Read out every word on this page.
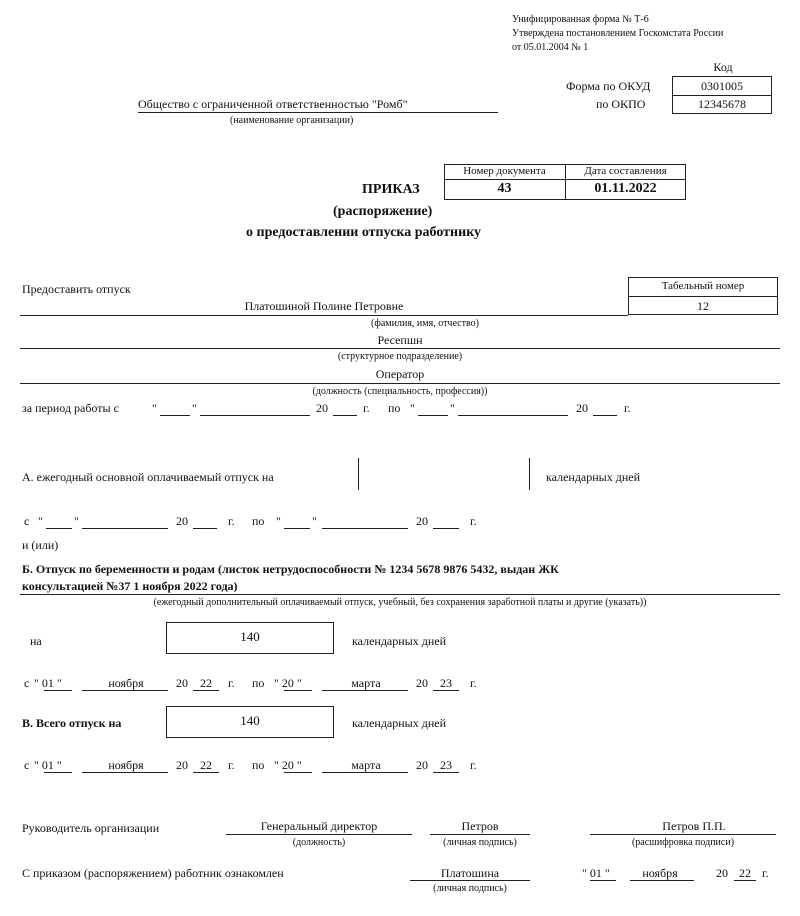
Унифицированная форма № Т-6
Утверждена постановлением Госкомстата России
от 05.01.2004 № 1
Код
Форма по ОКУД	0301005
по ОКПО	12345678
Общество с ограниченной ответственностью "Ромб"
(наименование организации)
Номер документа	Дата составления
43	01.11.2022
ПРИКАЗ
(распоряжение)
о предоставлении отпуска работнику
Предоставить отпуск	Табельный номер
12
Платошиной Полине Петровне
(фамилия, имя, отчество)
Ресепшн
(структурное подразделение)
Оператор
(должность (специальность, профессия))
за период работы с	"	"	20	г. по "	"	20	г.
А. ежегодный основной оплачиваемый отпуск на	календарных дней
с "	"	20	г. по "	"	20	г.
и (или)
Б. Отпуск по беременности и родам (листок нетрудоспособности № 1234 5678 9876 5432, выдан ЖК
консультацией №37 1 ноября 2022 года)
(ежегодный дополнительный оплачиваемый отпуск, учебный, без сохранения заработной платы и другие (указать))
на	140	календарных дней
с " 01 "	ноября	20	22	г. по " 20 "	марта	20	23	г.
В. Всего отпуск на	140	календарных дней
с " 01 "	ноября	20	22	г. по " 20 "	марта	20	23	г.
Руководитель организации	Генеральный директор
(должность)
Петров
(личная подпись)
Петров П.П.
(расшифровка подписи)
С приказом (распоряжением) работник ознакомлен	Платошина
(личная подпись)
" 01 "	ноября	20 22 г.
